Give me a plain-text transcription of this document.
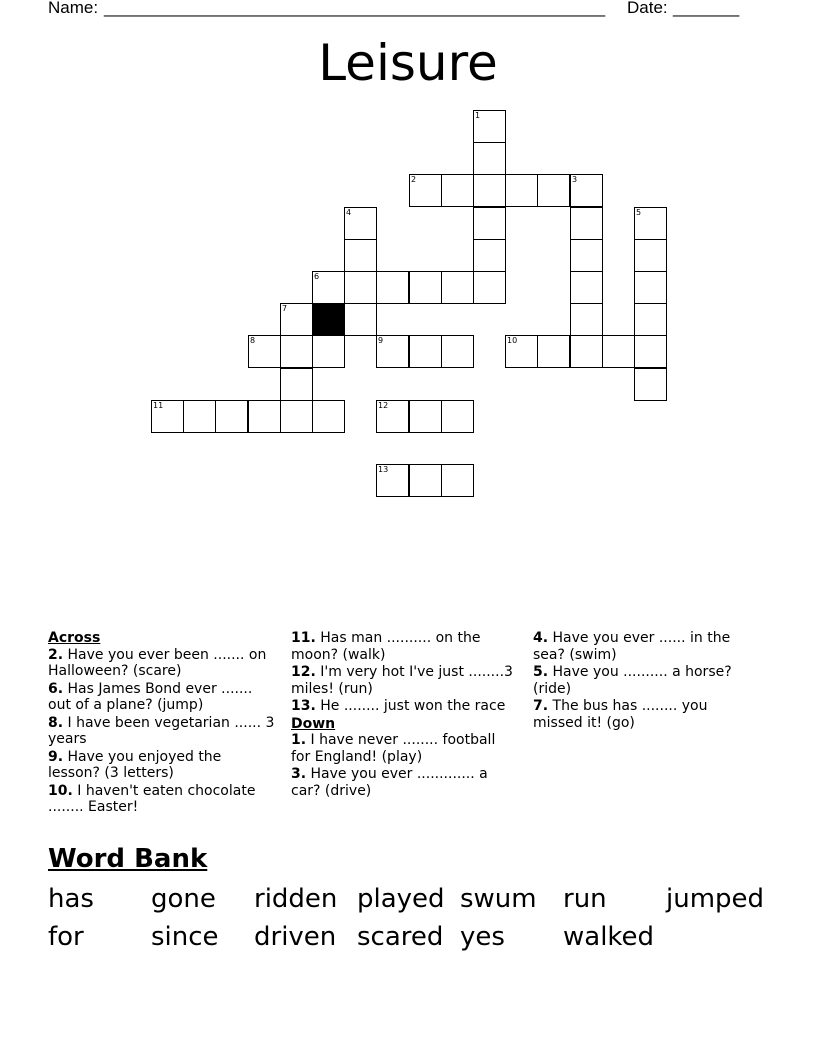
Name: _____________________________________________________ Date: _______
Leisure
1
2	3
4	5
6
7
8	9	10
11	12
13
Across
2. Have you ever been ....... on Halloween? (scare)
6. Has James Bond ever ....... out of a plane? (jump)
8. I have been vegetarian ...... 3 years
9. Have you enjoyed the lesson? (3 letters)
10. I haven't eaten chocolate ........ Easter!
11. Has man .......... on the moon? (walk)
12. I'm very hot I've just ........3 miles! (run)
13. He ........ just won the race
Down
1. I have never ........ football for England! (play)
3. Have you ever ............. a car? (drive)
4. Have you ever ...... in the sea? (swim)
5. Have you .......... a horse? (ride)
7. The bus has ........ you missed it! (go)
Word Bank
has gone ridden played swum run jumped
for	since driven scared yes walked
